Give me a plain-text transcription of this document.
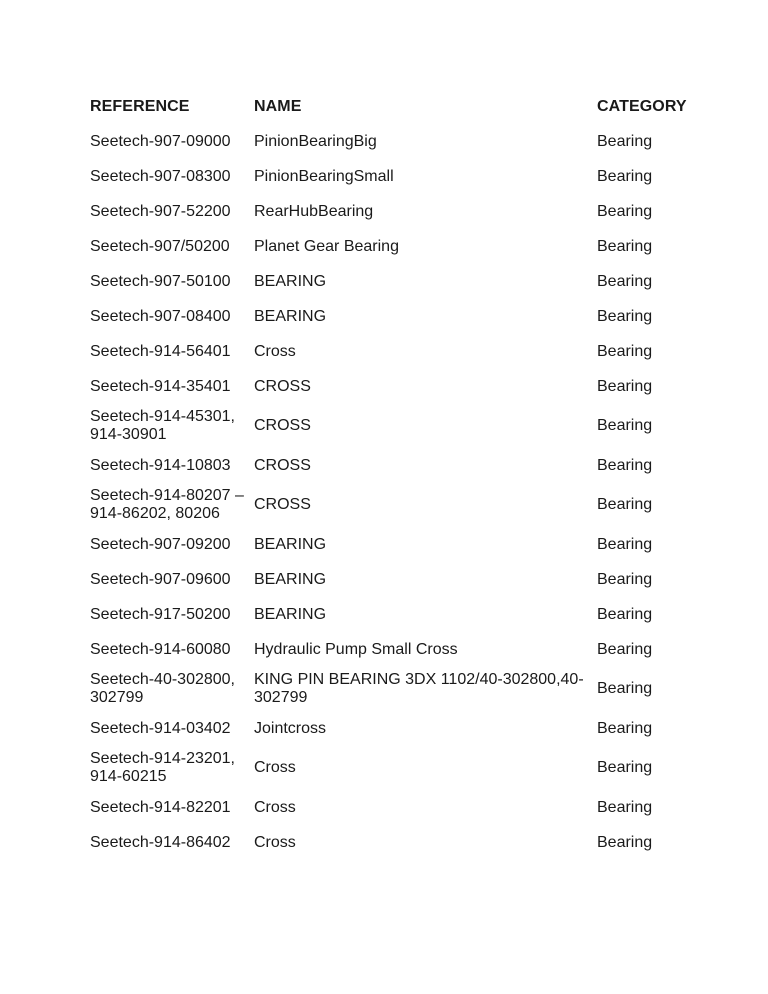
REFERENCE	NAME	CATEGORY
Seetech-907-09000	PinionBearingBig	Bearing
Seetech-907-08300	PinionBearingSmall	Bearing
Seetech-907-52200	RearHubBearing	Bearing
Seetech-907/50200	Planet Gear Bearing	Bearing
Seetech-907-50100	BEARING	Bearing
Seetech-907-08400	BEARING	Bearing
Seetech-914-56401	Cross	Bearing
Seetech-914-35401	CROSS	Bearing
Seetech-914-45301, 914-30901	CROSS	Bearing
Seetech-914-10803	CROSS	Bearing
Seetech-914-80207 – 914-86202, 80206	CROSS	Bearing
Seetech-907-09200	BEARING	Bearing
Seetech-907-09600	BEARING	Bearing
Seetech-917-50200	BEARING	Bearing
Seetech-914-60080	Hydraulic Pump Small Cross	Bearing
Seetech-40-302800, 302799	KING PIN BEARING 3DX 1102/40-302800,40-302799	Bearing
Seetech-914-03402	Jointcross	Bearing
Seetech-914-23201, 914-60215	Cross	Bearing
Seetech-914-82201	Cross	Bearing
Seetech-914-86402	Cross	Bearing
